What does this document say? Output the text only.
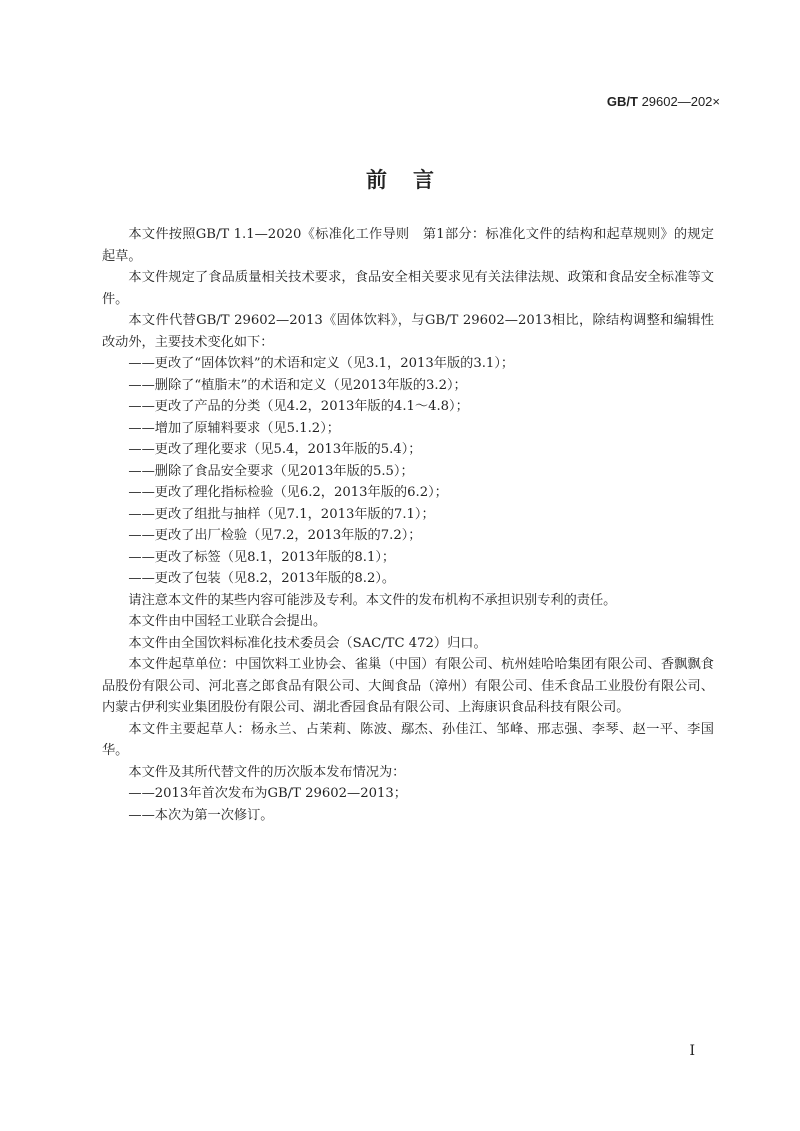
GB/T 29602—202×
前言

本文件按照GB/T 1.1—2020《标准化工作导则　第1部分：标准化文件的结构和起草规则》的规定起草。

本文件规定了食品质量相关技术要求，食品安全相关要求见有关法律法规、政策和食品安全标准等文件。

本文件代替GB/T 29602—2013《固体饮料》，与GB/T 29602—2013相比，除结构调整和编辑性改动外，主要技术变化如下：

——更改了“固体饮料”的术语和定义（见3.1，2013年版的3.1）；

——删除了“植脂末”的术语和定义（见2013年版的3.2）；

——更改了产品的分类（见4.2，2013年版的4.1～4.8）；

——增加了原辅料要求（见5.1.2）；

——更改了理化要求（见5.4，2013年版的5.4）；

——删除了食品安全要求（见2013年版的5.5）；

——更改了理化指标检验（见6.2，2013年版的6.2）；

——更改了组批与抽样（见7.1，2013年版的7.1）；

——更改了出厂检验（见7.2，2013年版的7.2）；

——更改了标签（见8.1，2013年版的8.1）；

——更改了包装（见8.2，2013年版的8.2）。

请注意本文件的某些内容可能涉及专利。本文件的发布机构不承担识别专利的责任。

本文件由中国轻工业联合会提出。

本文件由全国饮料标准化技术委员会（SAC/TC 472）归口。

本文件起草单位：中国饮料工业协会、雀巢（中国）有限公司、杭州娃哈哈集团有限公司、香飘飘食品股份有限公司、河北喜之郎食品有限公司、大闽食品（漳州）有限公司、佳禾食品工业股份有限公司、内蒙古伊利实业集团股份有限公司、湖北香园食品有限公司、上海康识食品科技有限公司。

本文件主要起草人：杨永兰、占茉莉、陈波、鄢杰、孙佳江、邹峰、邢志强、李琴、赵一平、李国华。

本文件及其所代替文件的历次版本发布情况为：

——2013年首次发布为GB/T 29602—2013；

——本次为第一次修订。

I
